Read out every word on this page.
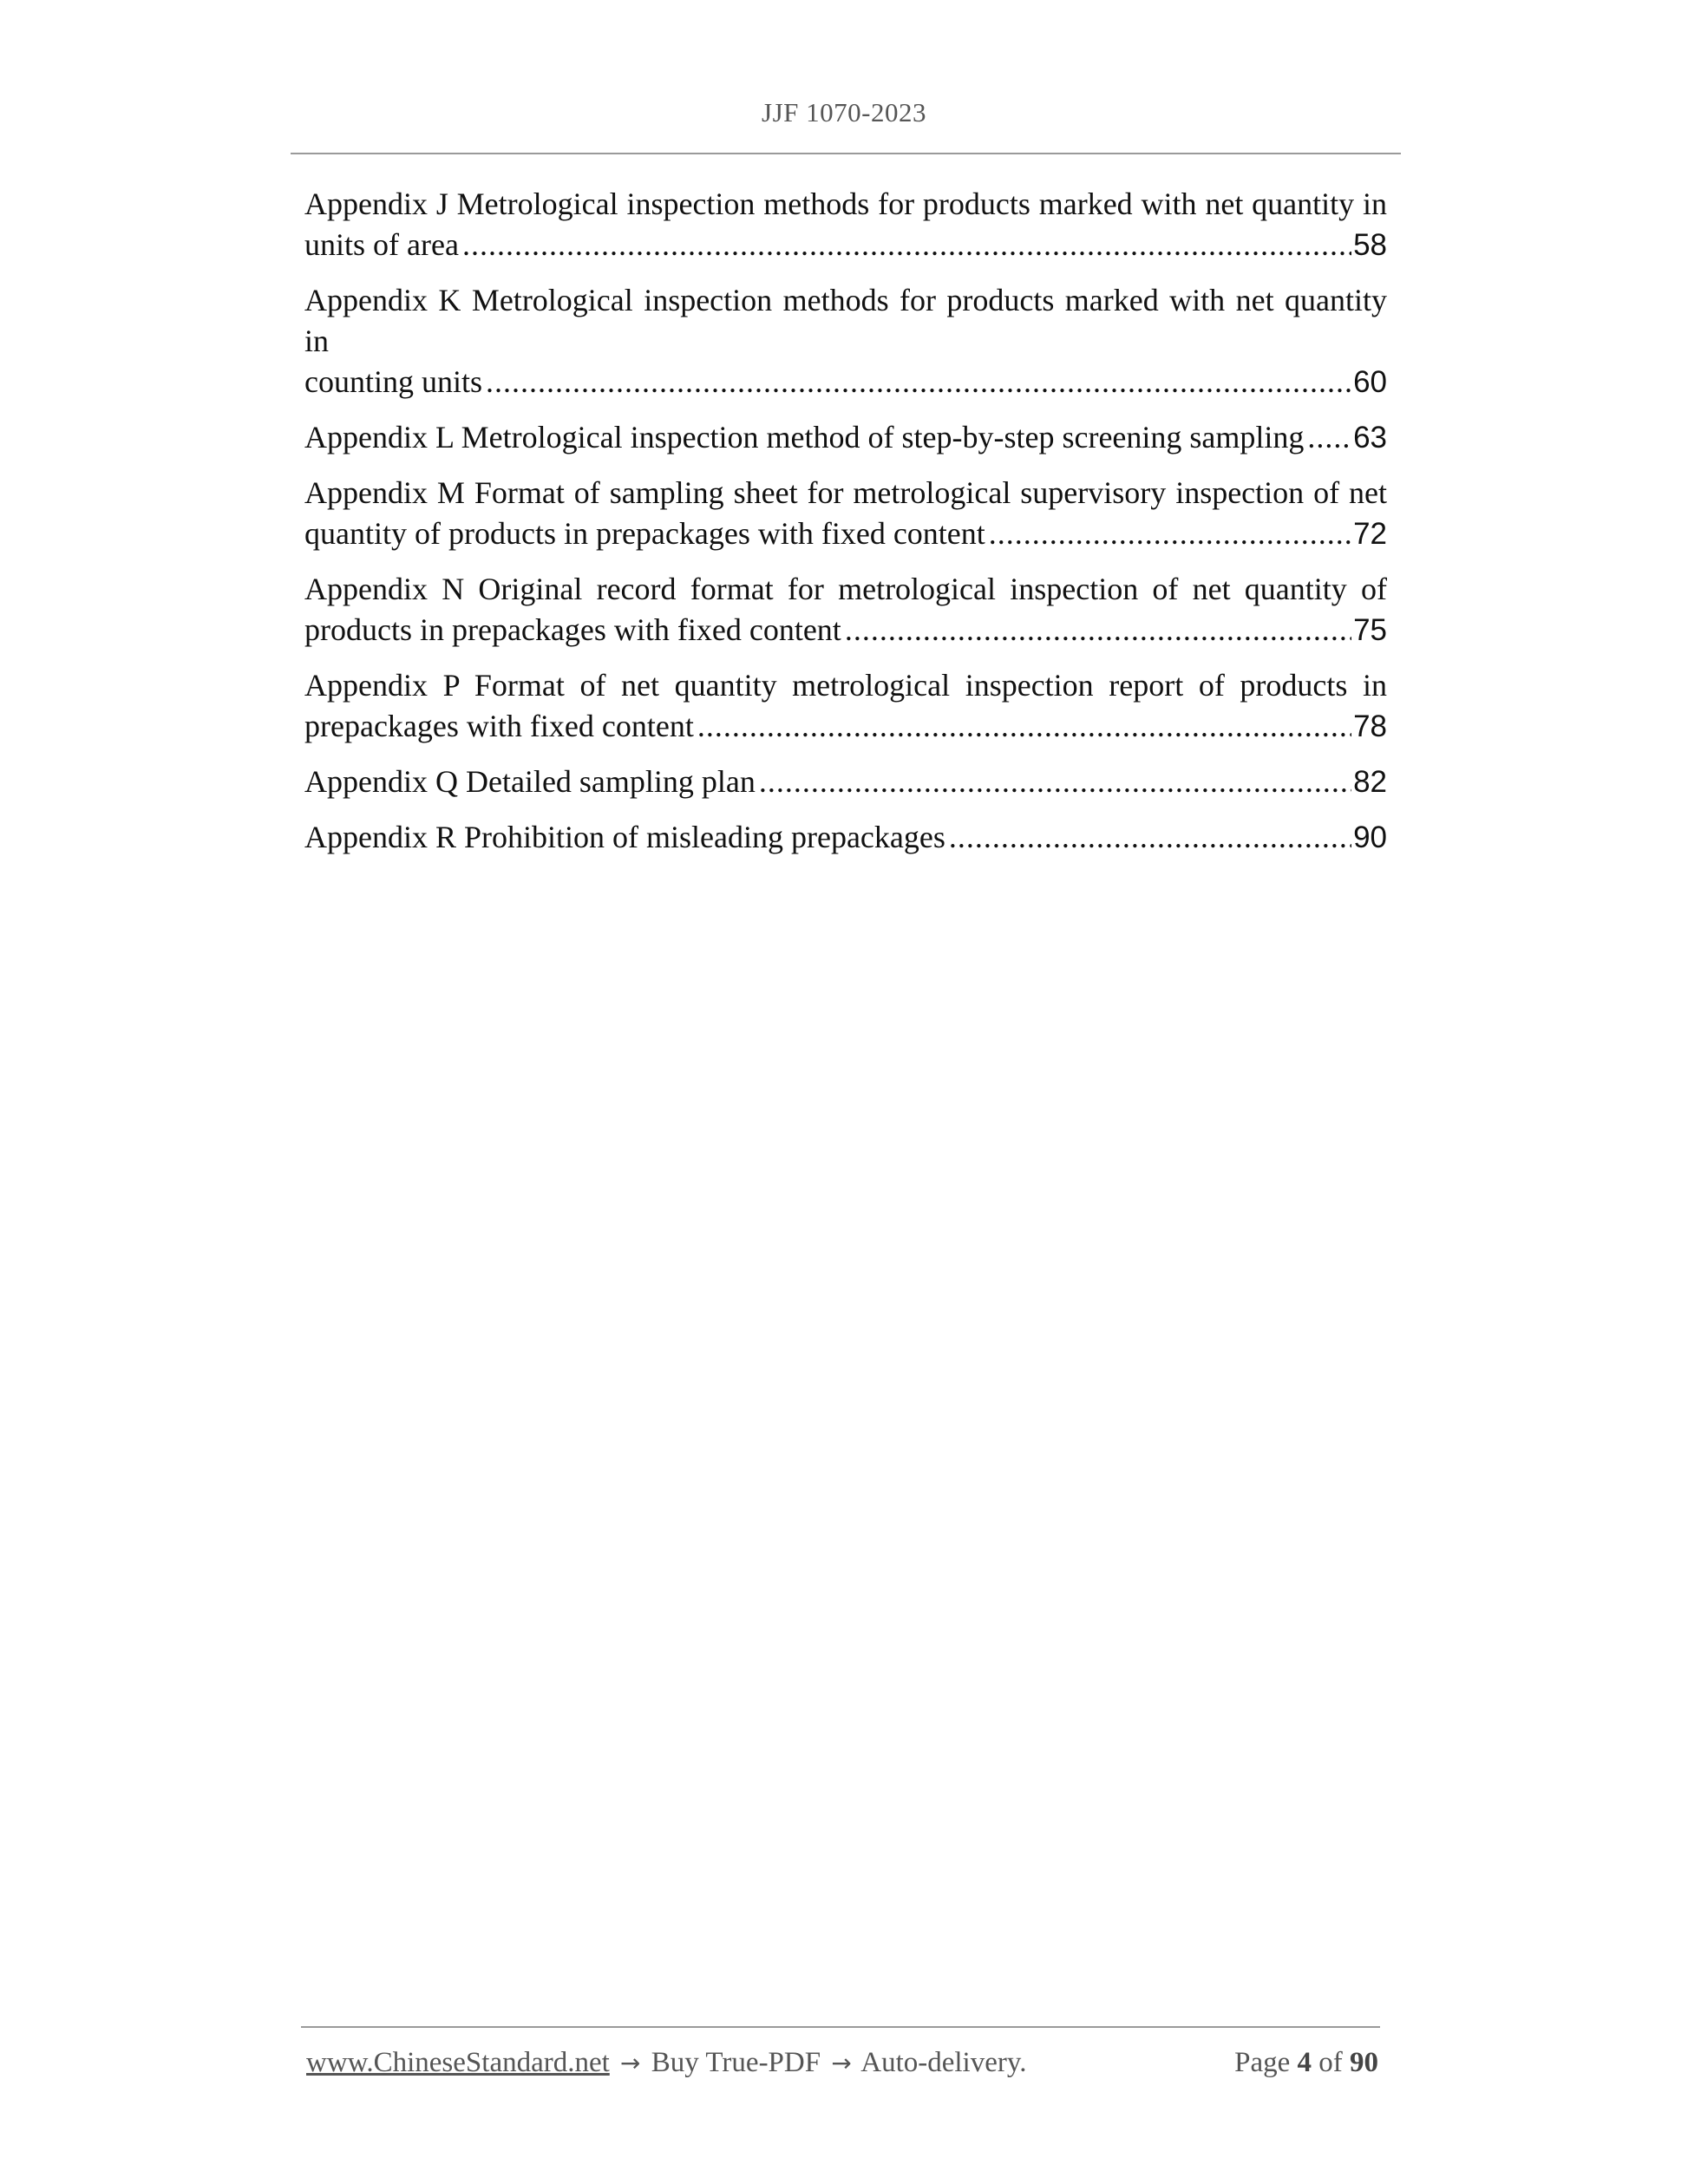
JJF 1070-2023
Appendix J Metrological inspection methods for products marked with net quantity in
units of area .....	58
Appendix K Metrological inspection methods for products marked with net quantity in
counting units .....	60
Appendix L Metrological inspection method of step-by-step screening sampling ..... 63
Appendix M Format of sampling sheet for metrological supervisory inspection of net
quantity of products in prepackages with fixed content .....	72
Appendix N Original record format for metrological inspection of net quantity of
products in prepackages with fixed content .....	75
Appendix P Format of net quantity metrological inspection report of products in
prepackages with fixed content .....	78
Appendix Q Detailed sampling plan .....	82
Appendix R Prohibition of misleading prepackages .....	90
www.ChineseStandard.net → Buy True-PDF → Auto-delivery.	Page 4 of 90
